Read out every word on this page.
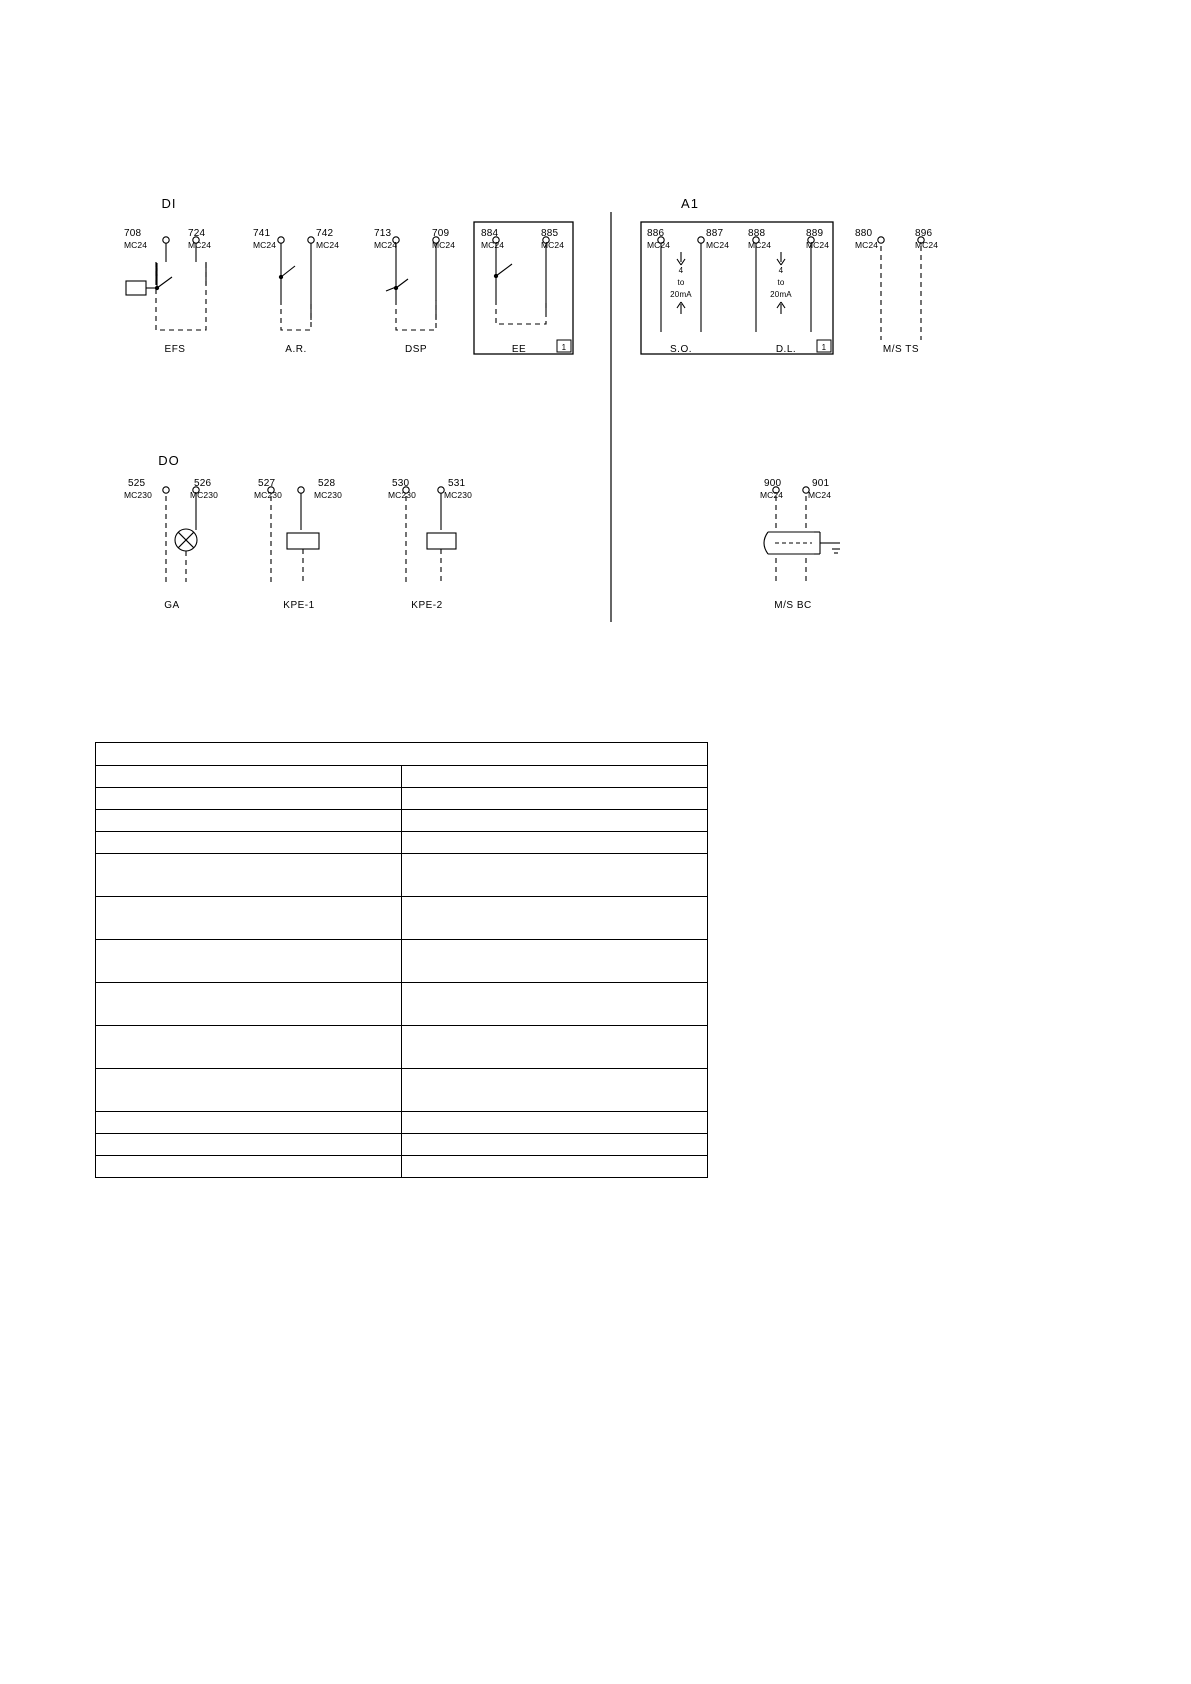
DI
DO
A1
708
MC24
724
MC24
EFS
741
MC24
742
MC24
A.R.
713
MC24
709
MC24
DSP
884
MC24
885
MC24
EE	1
886
MC24
887
MC24
4
to
20mA
S.O.
888
MC24
889
MC24
4
to
20mA
D.L.	1
880
MC24
896
MC24
M/S TS
525
MC230
526
MC230
GA
527
MC230
528
MC230
KPE-1
530
MC230
531
MC230
KPE-2
900
MC24
901
MC24
M/S BC
